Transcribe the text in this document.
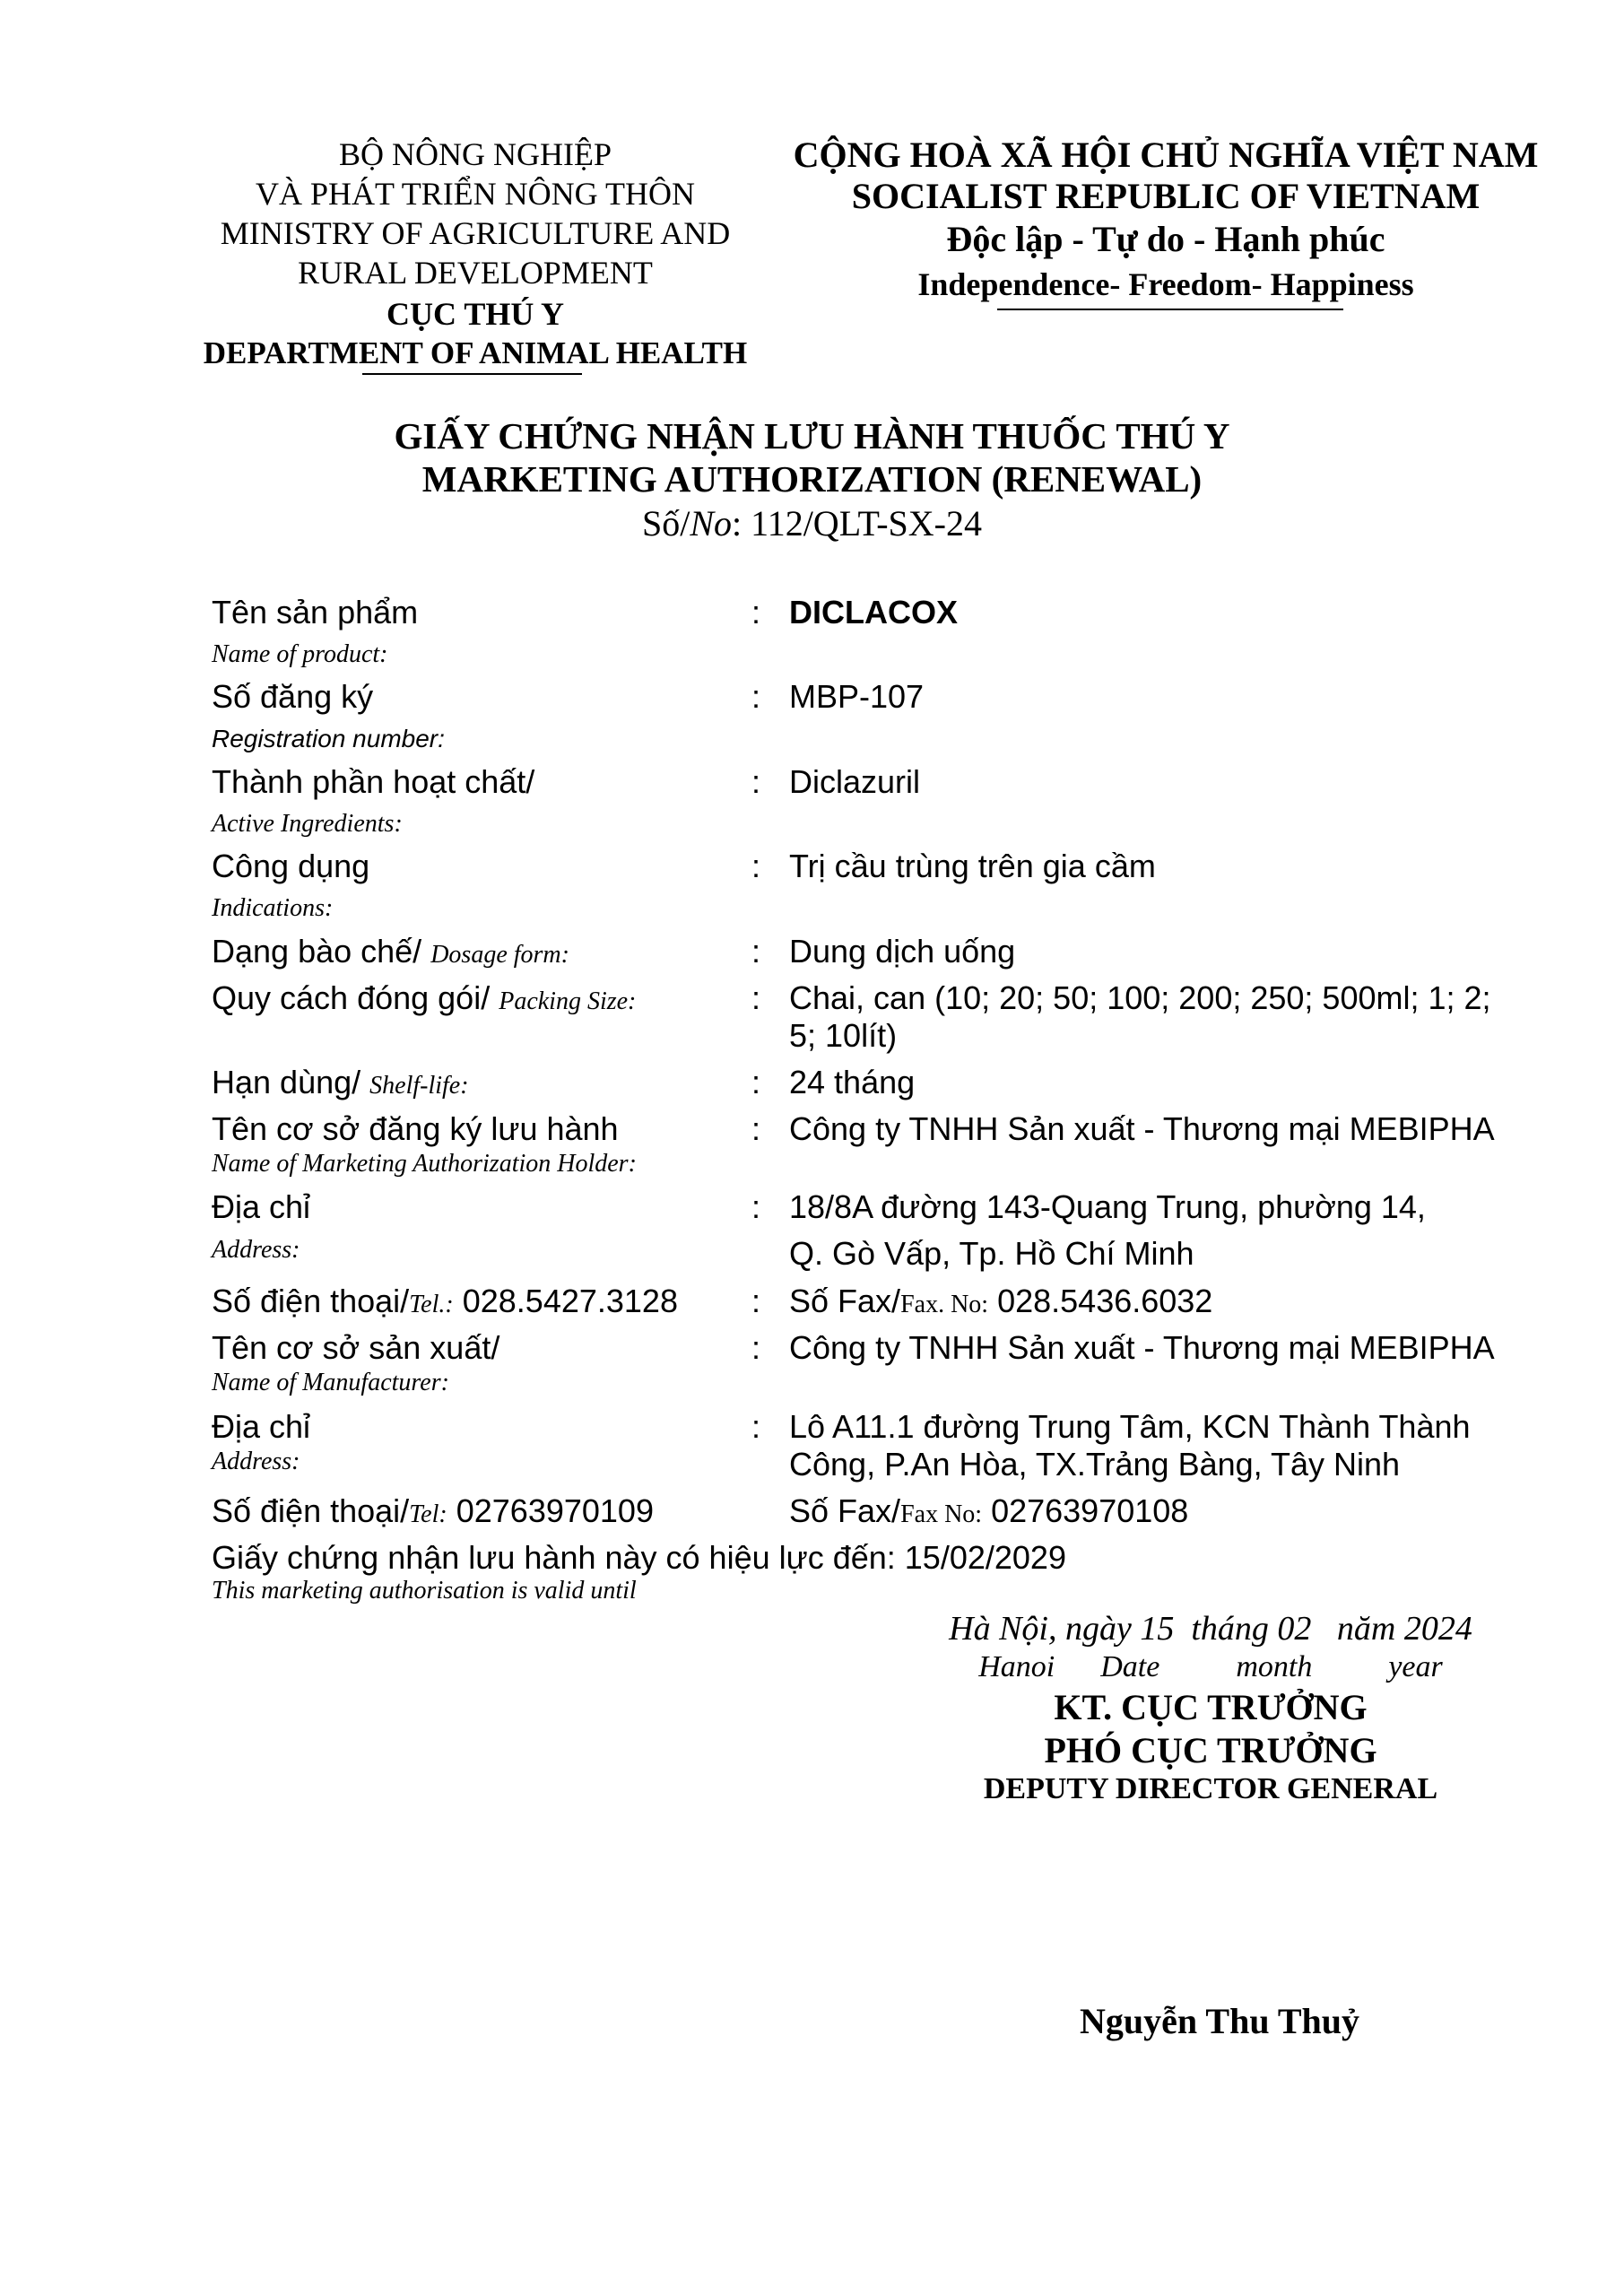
BỘ NÔNG NGHIỆP
VÀ PHÁT TRIỂN NÔNG THÔN
MINISTRY OF AGRICULTURE AND
RURAL DEVELOPMENT
CỤC THÚ Y
DEPARTMENT OF ANIMAL HEALTH
CỘNG HOÀ XÃ HỘI CHỦ NGHĨA VIỆT NAM
SOCIALIST REPUBLIC OF VIETNAM
Độc lập - Tự do - Hạnh phúc
Independence- Freedom- Happiness
GIẤY CHỨNG NHẬN LƯU HÀNH THUỐC THÚ Y
MARKETING AUTHORIZATION (RENEWAL)
Số/No: 112/QLT-SX-24
Tên sản phẩm	: DICLACOX
Name of product:
Số đăng ký	: MBP-107
Registration number:
Thành phần hoạt chất/	: Diclazuril
Active Ingredients:
Công dụng	: Trị cầu trùng trên gia cầm
Indications:
Dạng bào chế/ Dosage form:	: Dung dịch uống
Quy cách đóng gói/ Packing Size:	: Chai, can (10; 20; 50; 100; 200; 250; 500ml; 1; 2;
5; 10lít)
Hạn dùng/ Shelf-life:	: 24 tháng
Tên cơ sở đăng ký lưu hành	: Công ty TNHH Sản xuất - Thương mại MEBIPHA
Name of Marketing Authorization Holder:
Địa chỉ	: 18/8A đường 143-Quang Trung, phường 14,
Address:	Q. Gò Vấp, Tp. Hồ Chí Minh
Số điện thoại/Tel.: 028.5427.3128 : Số Fax/Fax. No: 028.5436.6032
Tên cơ sở sản xuất/	: Công ty TNHH Sản xuất - Thương mại MEBIPHA
Name of Manufacturer:
Địa chỉ	: Lô A11.1 đường Trung Tâm, KCN Thành Thành
Address:	Công, P.An Hòa, TX.Trảng Bàng, Tây Ninh
Số điện thoại/Tel: 02763970109	Số Fax/Fax No: 02763970108
Giấy chứng nhận lưu hành này có hiệu lực đến: 15/02/2029
This marketing authorisation is valid until
Hà Nội, ngày 15  tháng 02   năm 2024
Hanoi      Date          month          year
KT. CỤC TRƯỞNG
PHÓ CỤC TRƯỞNG
DEPUTY DIRECTOR GENERAL
Nguyễn Thu Thuỷ
